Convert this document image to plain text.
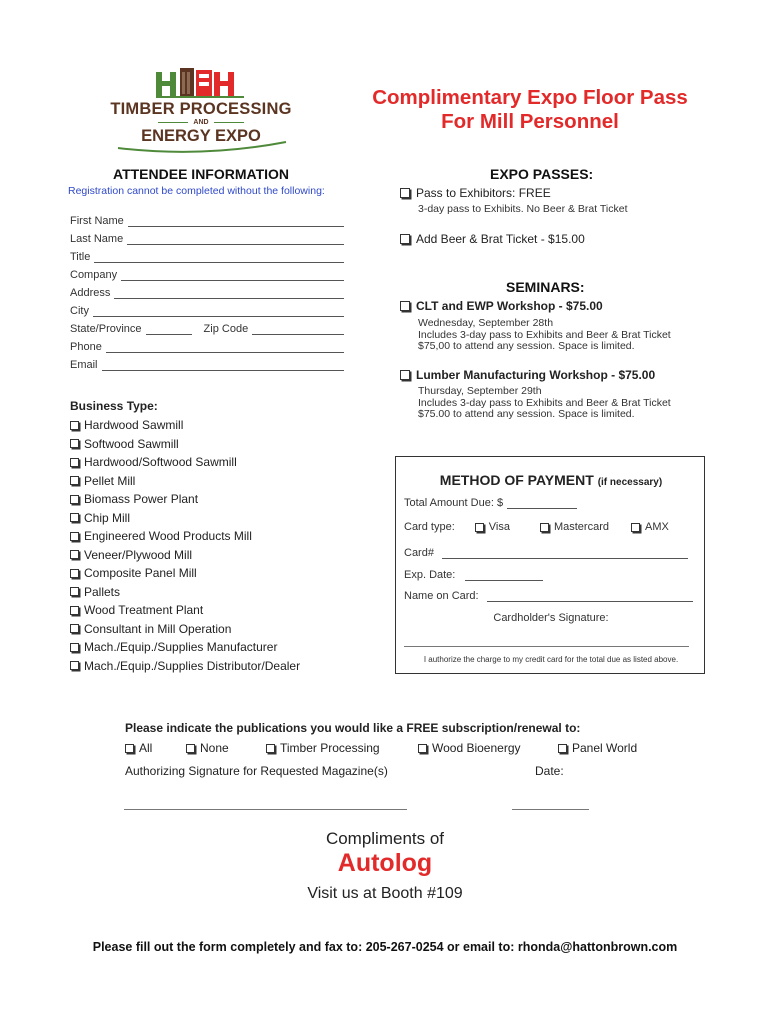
TIMBER PROCESSING
AND
ENERGY EXPO
Complimentary Expo Floor Pass
For Mill Personnel
ATTENDEE INFORMATION
Registration cannot be completed without the following:
First Name
Last Name
Title
Company
Address
City
State/Province	Zip Code
Phone
Email
Business Type:
Hardwood Sawmill
Softwood Sawmill
Hardwood/Softwood Sawmill
Pellet Mill
Biomass Power Plant
Chip Mill
Engineered Wood Products Mill
Veneer/Plywood Mill
Composite Panel Mill
Pallets
Wood Treatment Plant
Consultant in Mill Operation
Mach./Equip./Supplies Manufacturer
Mach./Equip./Supplies Distributor/Dealer
EXPO PASSES:
Pass to Exhibitors: FREE
3-day pass to Exhibits. No Beer & Brat Ticket
Add Beer & Brat Ticket - $15.00
SEMINARS:
CLT and EWP Workshop - $75.00
Wednesday, September 28th
Includes 3-day pass to Exhibits and Beer & Brat Ticket
$75,00 to attend any session. Space is limited.
Lumber Manufacturing Workshop - $75.00
Thursday, September 29th
Includes 3-day pass to Exhibits and Beer & Brat Ticket
$75.00 to attend any session. Space is limited.
METHOD OF PAYMENT (if necessary)
Total Amount Due: $
Card type:	Visa	Mastercard	AMX
Card#
Exp. Date:
Name on Card:
Cardholder's Signature:
I authorize the charge to my credit card for the total due as listed above.
Please indicate the publications you would like a FREE subscription/renewal to:
All	None	Timber Processing	Wood Bioenergy	Panel World
Authorizing Signature for Requested Magazine(s)	Date:
Compliments of
Autolog
Visit us at Booth #109
Please fill out the form completely and fax to: 205-267-0254 or email to: rhonda@hattonbrown.com
